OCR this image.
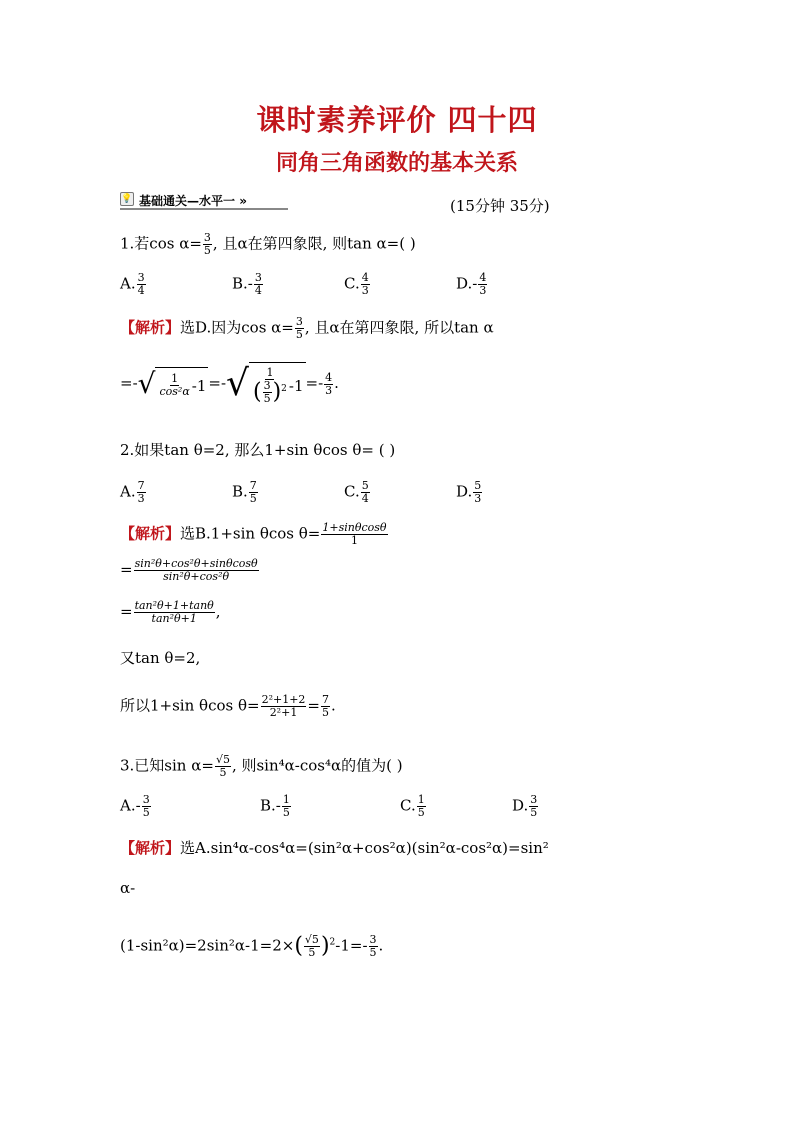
课时素养评价 四十四
同角三角函数的基本关系
💡 基础通关—水平一 »	(15分钟 35分)
1.若$\cos \alpha= \frac{3}{5}$ , 且α在第四象限, 则tan α=( )
A. $\frac{3}{4}$	$B.- \frac{3}{4}$	C. $\frac{4}{3}$	$D.- \frac{4}{3}$
【解析】选D.因为$\cos \alpha= \frac{3}{5}$ , 且α在第四象限, 所以tan α
=- √ $\frac{1}{\text{cos²α}} -1$ =- √ $\frac{1}{( \frac{3}{5} )^2} -1 =- \frac{4}{3}$ .
2.如果tan θ=2, 那么1+sin θcos θ= ( )
A. $\frac{7}{3}$	B. $\frac{7}{5}$	C. $\frac{5}{4}$	D. $\frac{5}{3}$
【解析】选B.1+sin θcos $\theta= \frac{1+\sin\theta\cos\theta}{1}$
= $\frac{\text{sin²θ+cos²θ+sinθcosθ}}{\text{sin²θ+cos²θ}}$
= $\frac{\text{tan²θ+1+tanθ}}{\text{tan²θ+1}}$ ,
又tan θ=2,
所以1+sin θcos $\theta= \frac{\text{2²+1+2}}{\text{2²+1}} = \frac{7}{5}$ .
3.已知$\sin \alpha= \frac{√5}{5}$ , 则sin⁴α-cos⁴α的值为( )
$A.- \frac{3}{5}$	$B.- \frac{1}{5}$	C. $\frac{1}{5}$	D. $\frac{3}{5}$
【解析】选A.sin⁴α-cos⁴α=(sin²α+cos²α)(sin²α-cos²α)=sin²
α-
$(1-\sin^2\alpha)=2\sin^2\alpha-1=2\times( \frac{√5}{5} )^2-1=- \frac{3}{5}$ .
